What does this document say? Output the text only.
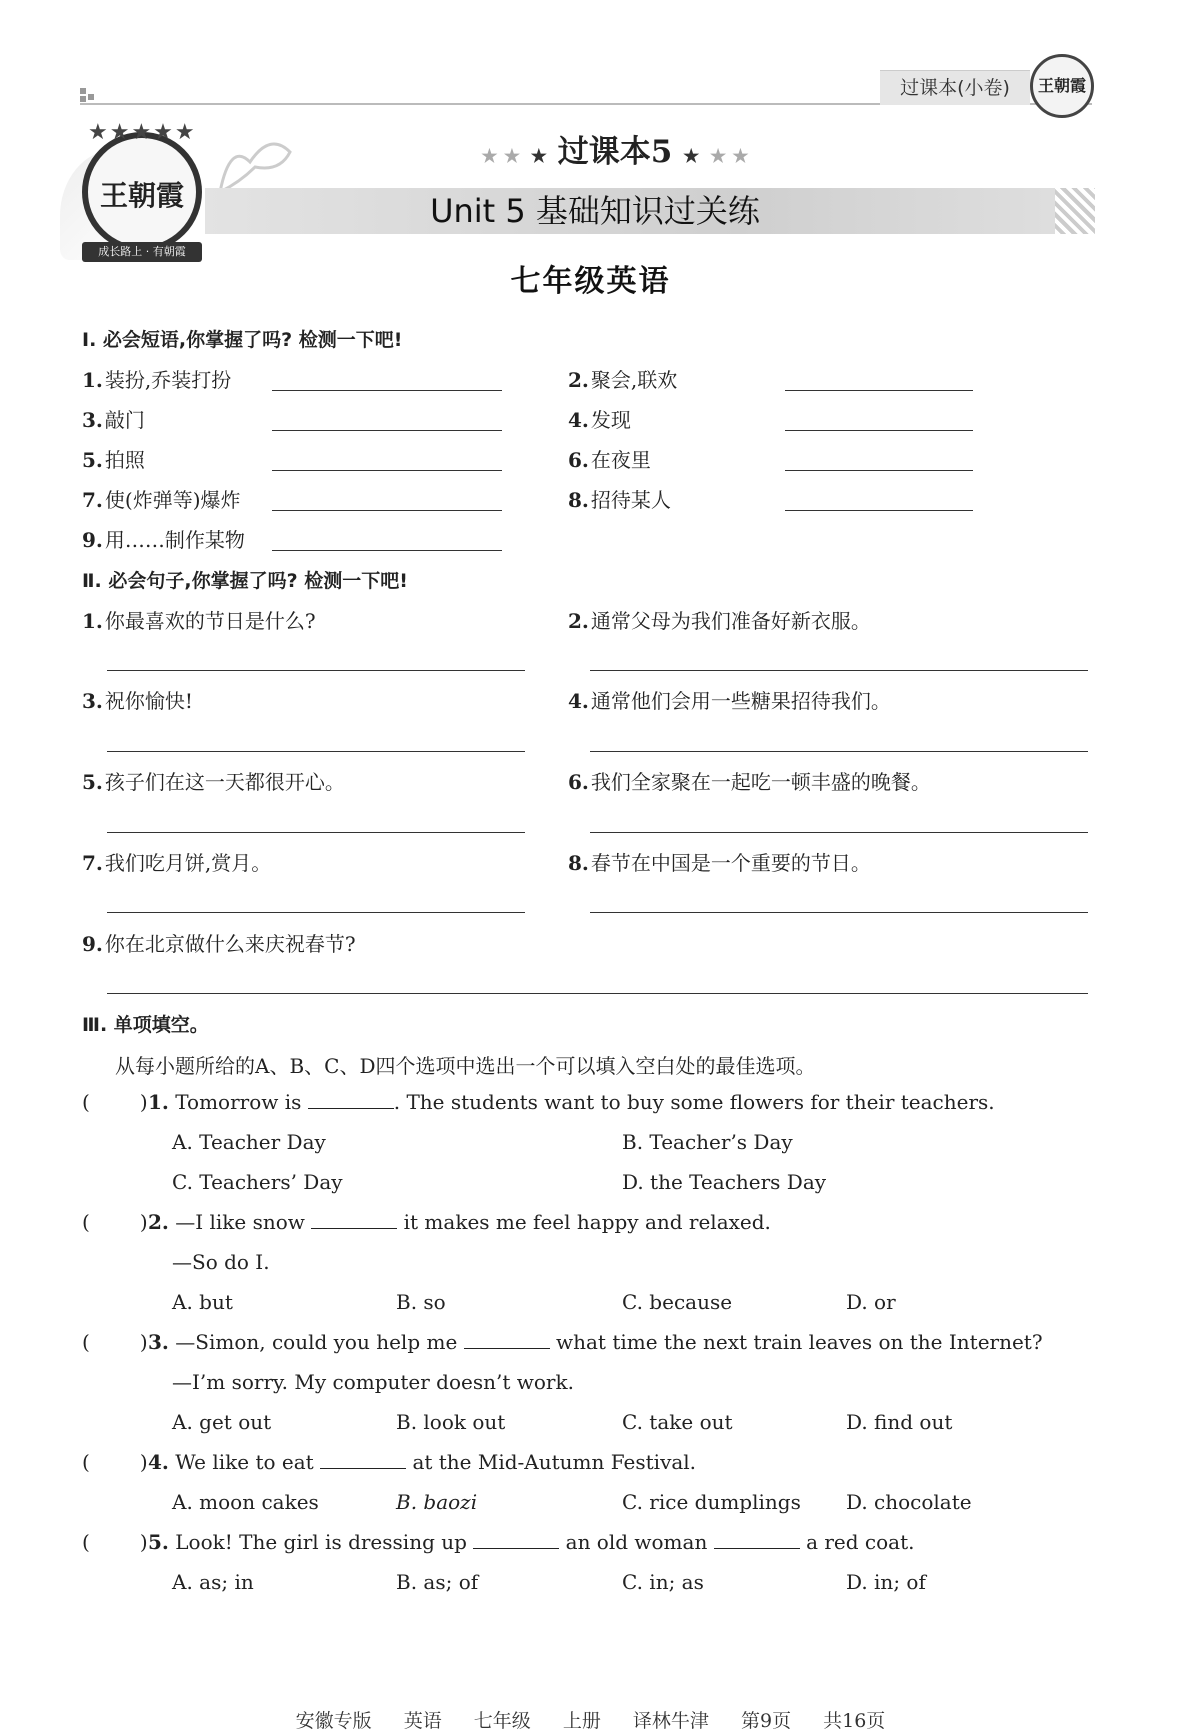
过课本(小卷)	王朝霞
★★★★★
王朝霞
成长路上 · 有朝霞
★ ★ ★ 过课本5 ★ ★ ★
Unit 5 基础知识过关练
七年级英语
Ⅰ. 必会短语,你掌握了吗? 检测一下吧!
1. 装扮,乔装打扮	2. 聚会,联欢
3. 敲门	4. 发现
5. 拍照	6. 在夜里
7. 使(炸弹等)爆炸	8. 招待某人
9. 用……制作某物
Ⅱ. 必会句子,你掌握了吗? 检测一下吧!
1. 你最喜欢的节日是什么?	2. 通常父母为我们准备好新衣服。
3. 祝你愉快!	4. 通常他们会用一些糖果招待我们。
5. 孩子们在这一天都很开心。	6. 我们全家聚在一起吃一顿丰盛的晚餐。
7. 我们吃月饼,赏月。	8. 春节在中国是一个重要的节日。
9. 你在北京做什么来庆祝春节?
Ⅲ. 单项填空。
从每小题所给的A、B、C、D四个选项中选出一个可以填入空白处的最佳选项。
(	) 1. Tomorrow is	. The students want to buy some flowers for their teachers.
A. Teacher Day	B. Teacher’s Day
C. Teachers’ Day	D. the Teachers Day
(	) 2. —I like snow	it makes me feel happy and relaxed.
—So do I.
A. but	B. so	C. because	D. or
(	) 3. —Simon, could you help me	what time the next train leaves on the Internet?
—I’m sorry. My computer doesn’t work.
A. get out	B. look out	C. take out	D. find out
(	) 4. We like to eat	at the Mid-Autumn Festival.
A. moon cakes	B. baozi	C. rice dumplings D. chocolate
(	) 5. Look! The girl is dressing up	an old woman	a red coat.
A. as; in	B. as; of	C. in; as	D. in; of
安徽专版 英语 七年级 上册 译林牛津 第9页 共16页
